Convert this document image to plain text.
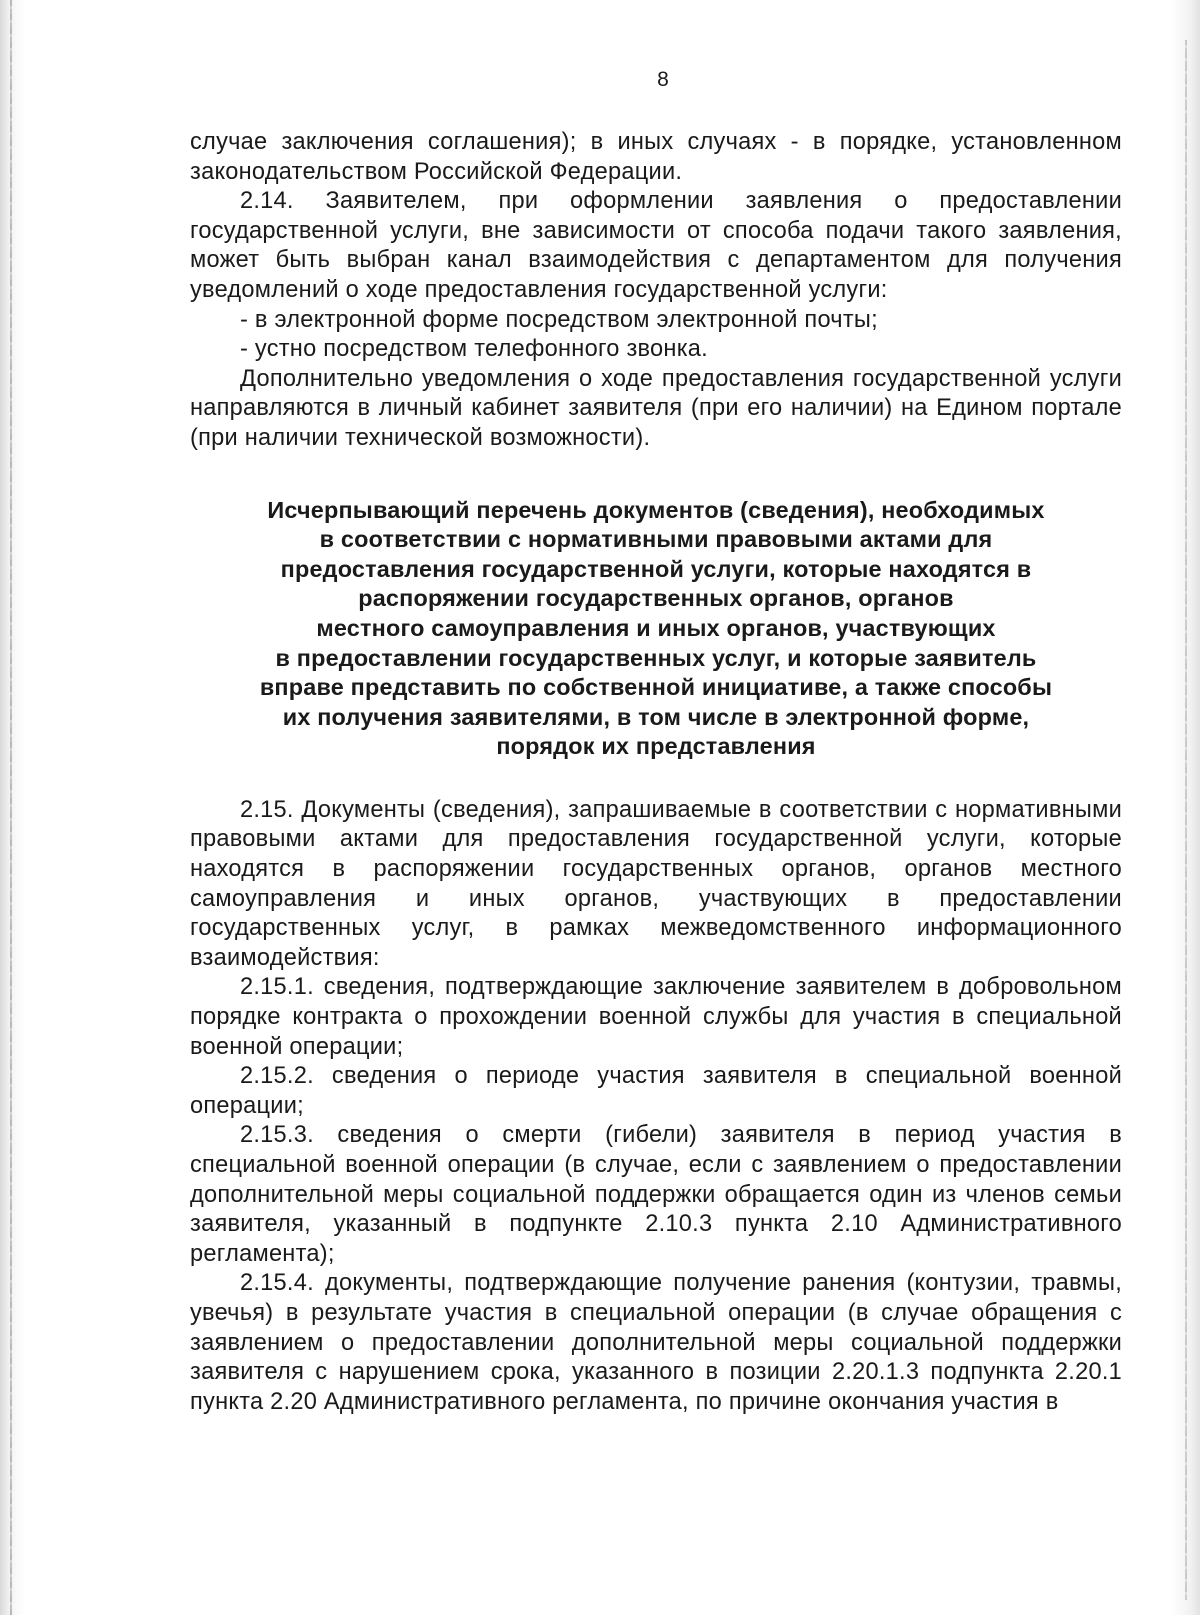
8

случае заключения соглашения); в иных случаях - в порядке, установленном законодательством Российской Федерации.

2.14. Заявителем, при оформлении заявления о предоставлении государственной услуги, вне зависимости от способа подачи такого заявления, может быть выбран канал взаимодействия с департаментом для получения уведомлений о ходе предоставления государственной услуги:

- в электронной форме посредством электронной почты;

- устно посредством телефонного звонка.

Дополнительно уведомления о ходе предоставления государственной услуги направляются в личный кабинет заявителя (при его наличии) на Едином портале (при наличии технической возможности).

Исчерпывающий перечень документов (сведения), необходимых
в соответствии с нормативными правовыми актами для
предоставления государственной услуги, которые находятся в
распоряжении государственных органов, органов
местного самоуправления и иных органов, участвующих
в предоставлении государственных услуг, и которые заявитель
вправе представить по собственной инициативе, а также способы
их получения заявителями, в том числе в электронной форме,
порядок их представления

2.15. Документы (сведения), запрашиваемые в соответствии с нормативными правовыми актами для предоставления государственной услуги, которые находятся в распоряжении государственных органов, органов местного самоуправления и иных органов, участвующих в предоставлении государственных услуг, в рамках межведомственного информационного взаимодействия:

2.15.1. сведения, подтверждающие заключение заявителем в добровольном порядке контракта о прохождении военной службы для участия в специальной военной операции;

2.15.2. сведения о периоде участия заявителя в специальной военной операции;

2.15.3. сведения о смерти (гибели) заявителя в период участия в специальной военной операции (в случае, если с заявлением о предоставлении дополнительной меры социальной поддержки обращается один из членов семьи заявителя, указанный в подпункте 2.10.3 пункта 2.10 Административного регламента);

2.15.4. документы, подтверждающие получение ранения (контузии, травмы, увечья) в результате участия в специальной операции (в случае обращения с заявлением о предоставлении дополнительной меры социальной поддержки заявителя с нарушением срока, указанного в позиции 2.20.1.3 подпункта 2.20.1 пункта 2.20 Административного регламента, по причине окончания участия в
